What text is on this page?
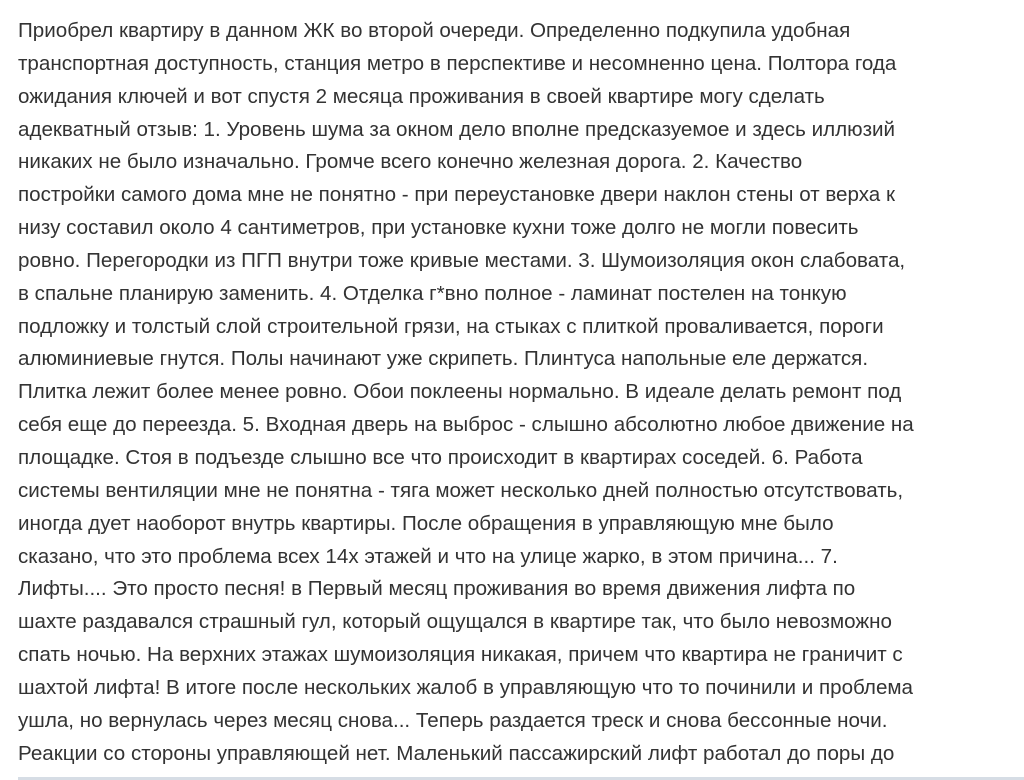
Приобрел квартиру в данном ЖК во второй очереди. Определенно подкупила удобная
транспортная доступность, станция метро в перспективе и несомненно цена. Полтора года
ожидания ключей и вот спустя 2 месяца проживания в своей квартире могу сделать
адекватный отзыв: 1. Уровень шума за окном дело вполне предсказуемое и здесь иллюзий
никаких не было изначально. Громче всего конечно железная дорога. 2. Качество
постройки самого дома мне не понятно - при переустановке двери наклон стены от верха к
низу составил около 4 сантиметров, при установке кухни тоже долго не могли повесить
ровно. Перегородки из ПГП внутри тоже кривые местами. 3. Шумоизоляция окон слабовата,
в спальне планирую заменить. 4. Отделка г*вно полное - ламинат постелен на тонкую
подложку и толстый слой строительной грязи, на стыках с плиткой проваливается, пороги
алюминиевые гнутся. Полы начинают уже скрипеть. Плинтуса напольные еле держатся.
Плитка лежит более менее ровно. Обои поклеены нормально. В идеале делать ремонт под
себя еще до переезда. 5. Входная дверь на выброс - слышно абсолютно любое движение на
площадке. Стоя в подъезде слышно все что происходит в квартирах соседей. 6. Работа
системы вентиляции мне не понятна - тяга может несколько дней полностью отсутствовать,
иногда дует наоборот внутрь квартиры. После обращения в управляющую мне было
сказано, что это проблема всех 14х этажей и что на улице жарко, в этом причина... 7.
Лифты.... Это просто песня! в Первый месяц проживания во время движения лифта по
шахте раздавался страшный гул, который ощущался в квартире так, что было невозможно
спать ночью. На верхних этажах шумоизоляция никакая, причем что квартира не граничит с
шахтой лифта! В итоге после нескольких жалоб в управляющую что то починили и проблема
ушла, но вернулась через месяц снова... Теперь раздается треск и снова бессонные ночи.
Реакции со стороны управляющей нет. Маленький пассажирский лифт работал до поры до
